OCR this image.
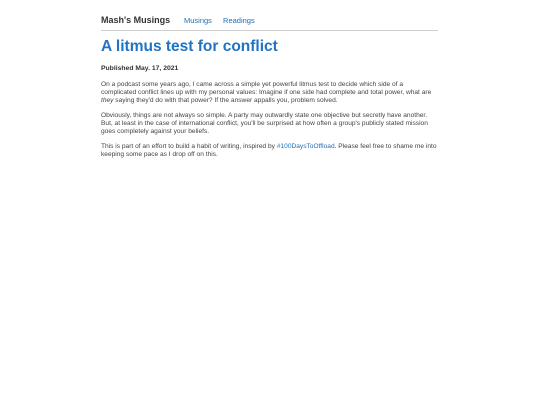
Mash's Musings Musings Readings
A litmus test for conflict
Published May. 17, 2021

On a podcast some years ago, I came across a simple yet powerful litmus test to decide which side of a complicated conflict lines up with my personal values: Imagine if one side had complete and total power, what are they saying they'd do with that power? If the answer appalls you, problem solved.

Obviously, things are not always so simple. A party may outwardly state one objective but secretly have another. But, at least in the case of international conflict, you'll be surprised at how often a group's publicly stated mission goes completely against your beliefs.

This is part of an effort to build a habit of writing, inspired by #100DaysToOffload. Please feel free to shame me into keeping some pace as I drop off on this.
